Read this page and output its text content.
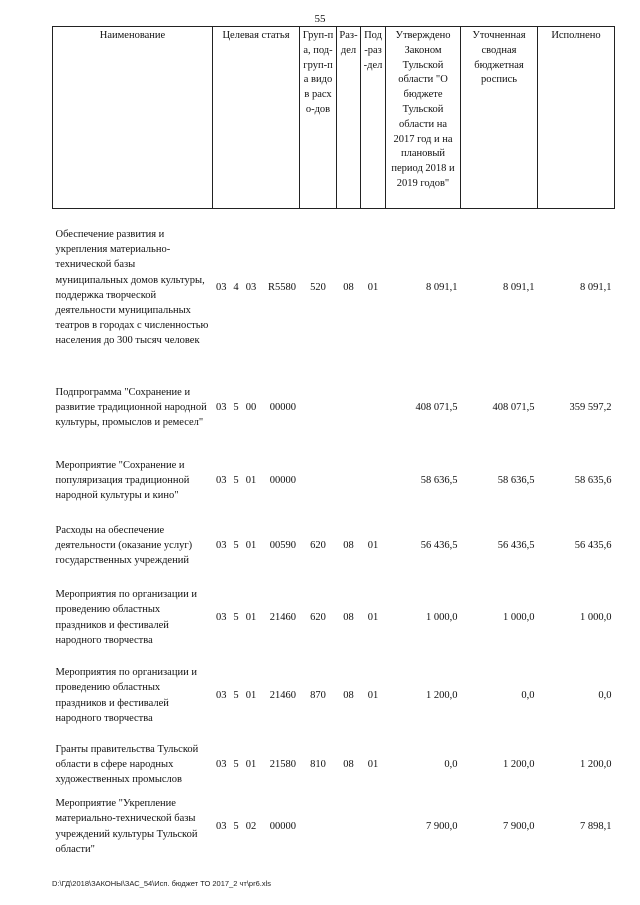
55
Наименование	Целевая статья	Груп-па, под-груп-па видов расхо-дов	Раз-дел	Под-раз-дел	Утверждено Законом Тульской области "О бюджете Тульской области на 2017 год и на плановый период 2018 и 2019 годов"	Уточненная сводная бюджетная роспись	Исполнено
Обеспечение развития и укрепления материально-технической базы муниципальных домов культуры, поддержка творческой деятельности муниципальных театров в городах с численностью населения до 300 тысяч человек	03 4 03 R5580	520	08	01	8 091,1	8 091,1	8 091,1
Подпрограмма "Сохранение и развитие традиционной народной культуры, промыслов и ремесел"	03 5 00 00000				408 071,5	408 071,5	359 597,2
Мероприятие "Сохранение и популяризация традиционной народной культуры и кино"	03 5 01 00000				58 636,5	58 636,5	58 635,6
Расходы на обеспечение деятельности (оказание услуг) государственных учреждений	03 5 01 00590	620	08	01	56 436,5	56 436,5	56 435,6
Мероприятия по организации и проведению областных праздников и фестивалей народного творчества	03 5 01 21460	620	08	01	1 000,0	1 000,0	1 000,0
Мероприятия по организации и проведению областных праздников и фестивалей народного творчества	03 5 01 21460	870	08	01	1 200,0	0,0	0,0
Гранты правительства Тульской области в сфере народных художественных промыслов	03 5 01 21580	810	08	01	0,0	1 200,0	1 200,0
Мероприятие "Укрепление материально-технической базы учреждений культуры Тульской области"	03 5 02 00000				7 900,0	7 900,0	7 898,1
D:\ГД\2018\ЗАКОНЫ\ЗАС_54\Исп. бюджет ТО 2017_2 чт\pr6.xls
